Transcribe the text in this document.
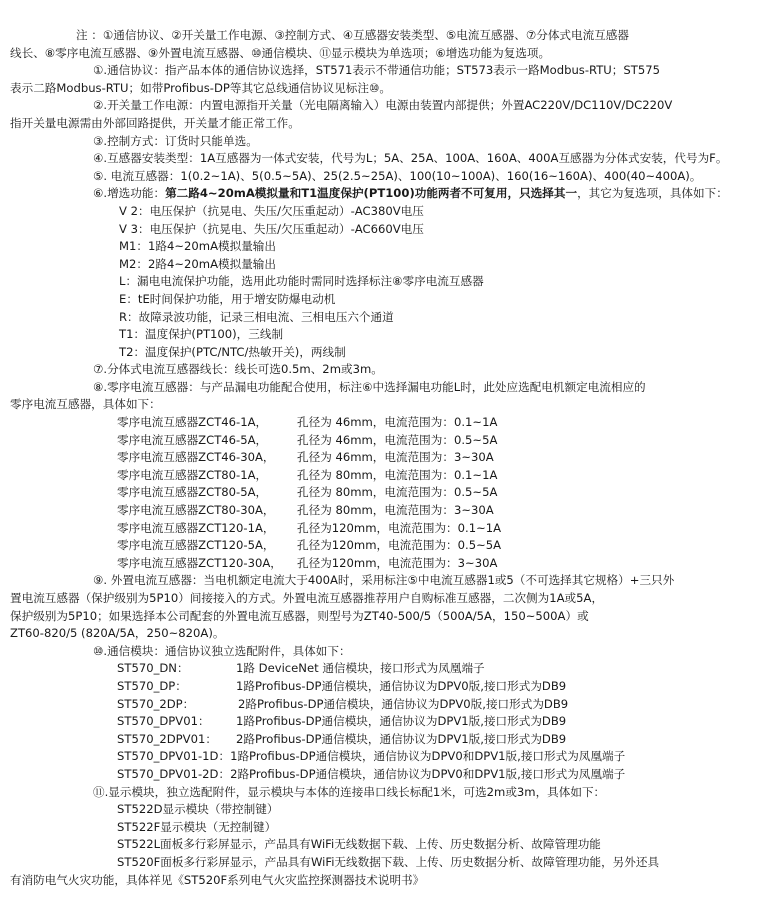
注 ：①通信协议、②开关量工作电源、③控制方式、④互感器安装类型、⑤电流互感器、⑦分体式电流互感器
线长、⑧零序电流互感器、⑨外置电流互感器、⑩通信模块、⑪显示模块为单选项；⑥增选功能为复选项。
①.通信协议：指产品本体的通信协议选择，ST571表示不带通信功能；ST573表示一路Modbus-RTU；ST575
表示二路Modbus-RTU；如带Profibus-DP等其它总线通信协议见标注⑩。
②.开关量工作电源：内置电源指开关量（光电隔离输入）电源由装置内部提供；外置AC220V/DC110V/DC220V
指开关量电源需由外部回路提供，开关量才能正常工作。
③.控制方式：订货时只能单选。
④.互感器安装类型：1A互感器为一体式安装，代号为L；5A、25A、100A、160A、400A互感器为分体式安装，代号为F。
⑤. 电流互感器：1(0.2~1A)、5(0.5~5A)、25(2.5~25A)、100(10~100A)、160(16~160A)、400(40~400A)。
⑥.增选功能：第二路4~20mA模拟量和T1温度保护(PT100)功能两者不可复用，只选择其一，其它为复选项，具体如下：
V 2：电压保护（抗晃电、失压/欠压重起动）-AC380V电压
V 3：电压保护（抗晃电、失压/欠压重起动）-AC660V电压
M1：1路4~20mA模拟量输出
M2：2路4~20mA模拟量输出
L：漏电电流保护功能，选用此功能时需同时选择标注⑧零序电流互感器
E：tE时间保护功能，用于增安防爆电动机
R：故障录波功能，记录三相电流、三相电压六个通道
T1：温度保护(PT100)，三线制
T2：温度保护(PTC/NTC/热敏开关)，两线制
⑦.分体式电流互感器线长：线长可选0.5m、2m或3m。
⑧.零序电流互感器：与产品漏电功能配合使用，标注⑥中选择漏电功能L时，此处应选配电机额定电流相应的
零序电流互感器，具体如下：
零序电流互感器ZCT46-1A，	孔径为 46mm，电流范围为：0.1~1A
零序电流互感器ZCT46-5A，	孔径为 46mm，电流范围为：0.5~5A
零序电流互感器ZCT46-30A，	孔径为 46mm，电流范围为：3~30A
零序电流互感器ZCT80-1A，	孔径为 80mm，电流范围为：0.1~1A
零序电流互感器ZCT80-5A，	孔径为 80mm，电流范围为：0.5~5A
零序电流互感器ZCT80-30A，	孔径为 80mm，电流范围为：3~30A
零序电流互感器ZCT120-1A，	孔径为120mm，电流范围为：0.1~1A
零序电流互感器ZCT120-5A，	孔径为120mm，电流范围为：0.5~5A
零序电流互感器ZCT120-30A，	孔径为120mm，电流范围为：3~30A
⑨. 外置电流互感器：当电机额定电流大于400A时，采用标注⑤中电流互感器1或5（不可选择其它规格）+三只外
置电流互感器（保护级别为5P10）间接接入的方式。外置电流互感器推荐用户自购标准互感器，二次侧为1A或5A，
保护级别为5P10；如果选择本公司配套的外置电流互感器，则型号为ZT40-500/5（500A/5A，150~500A）或
ZT60-820/5 (820A/5A，250~820A)。
⑩.通信模块：通信协议独立选配附件，具体如下：
ST570_DN：	1路 DeviceNet 通信模块，接口形式为凤凰端子
ST570_DP：	1路Profibus-DP通信模块，通信协议为DPV0版,接口形式为DB9
ST570_2DP：	2路Profibus-DP通信模块，通信协议为DPV0版,接口形式为DB9
ST570_DPV01：	1路Profibus-DP通信模块，通信协议为DPV1版,接口形式为DB9
ST570_2DPV01：	2路Profibus-DP通信模块，通信协议为DPV1版,接口形式为DB9
ST570_DPV01-1D：1路Profibus-DP通信模块，通信协议为DPV0和DPV1版,接口形式为凤凰端子
ST570_DPV01-2D：2路Profibus-DP通信模块，通信协议为DPV0和DPV1版,接口形式为凤凰端子
⑪.显示模块，独立选配附件，显示模块与本体的连接串口线长标配1米，可选2m或3m，具体如下：
ST522D显示模块（带控制键）
ST522F显示模块（无控制键）
ST522L面板多行彩屏显示，产品具有WiFi无线数据下载、上传、历史数据分析、故障管理功能
ST520F面板多行彩屏显示，产品具有WiFi无线数据下载、上传、历史数据分析、故障管理功能，另外还具
有消防电气火灾功能，具体祥见《ST520F系列电气火灾监控探测器技术说明书》
